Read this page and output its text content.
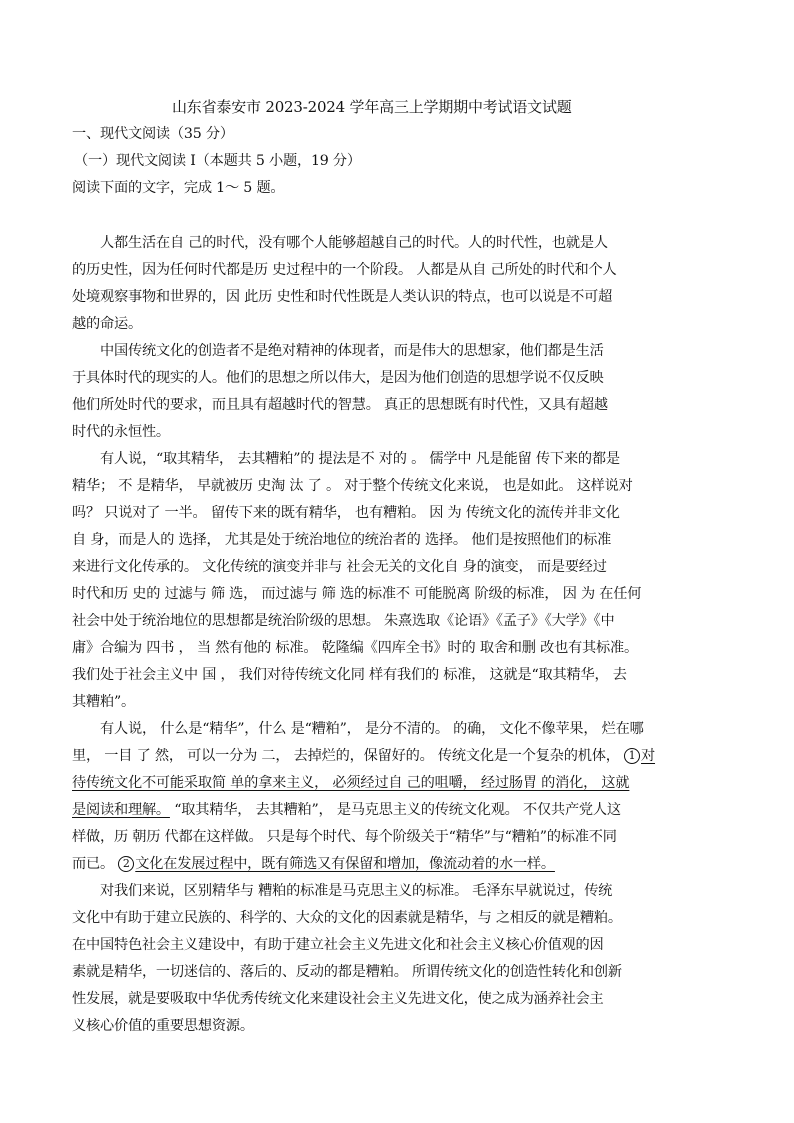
山东省泰安市 2023-2024 学年高三上学期期中考试语文试题
一、现代文阅读（35 分）
（一）现代文阅读 I（本题共 5 小题，19 分）
阅读下面的文字，完成 1～ 5 题。
人都生活在自 己的时代，没有哪个人能够超越自己的时代。人的时代性，也就是人
的历史性，因为任何时代都是历 史过程中的一个阶段。 人都是从自 己所处的时代和个人
处境观察事物和世界的，因 此历 史性和时代性既是人类认识的特点，也可以说是不可超
越的命运。
中国传统文化的创造者不是绝对精神的体现者，而是伟大的思想家，他们都是生活
于具体时代的现实的人。他们的思想之所以伟大，是因为他们创造的思想学说不仅反映
他们所处时代的要求，而且具有超越时代的智慧。 真正的思想既有时代性，又具有超越
时代的永恒性。
有人说，“取其精华， 去其糟粕”的 提法是不 对的 。 儒学中 凡是能留 传下来的都是
精华； 不 是精华， 早就被历 史淘 汰 了 。 对于整个传统文化来说， 也是如此。 这样说对
吗？ 只说对了 一半。 留传下来的既有精华， 也有糟粕。 因 为 传统文化的流传并非文化
自 身，而是人的 选择， 尤其是处于统治地位的统治者的 选择。 他们是按照他们的标准
来进行文化传承的。 文化传统的演变并非与 社会无关的文化自 身的演变， 而是要经过
时代和历 史的 过滤与 筛 选， 而过滤与 筛 选的标准不 可能脱离 阶级的标准， 因 为 在任何
社会中处于统治地位的思想都是统治阶级的思想。 朱熹选取《论语》《孟子》《大学》《中
庸》合编为 四书 ， 当 然有他的 标准。 乾隆编《四库全书》时的 取舍和删 改也有其标准。
我们处于社会主义中 国 ， 我们对待传统文化同 样有我们的 标准， 这就是“取其精华， 去
其糟粕”。
有人说， 什么是“精华”，什么 是“糟粕”， 是分不清的。 的确， 文化不像苹果， 烂在哪
里， 一目 了 然， 可以一分为 二， 去掉烂的，保留好的。 传统文化是一个复杂的机体， 1 对
待传统文化不可能采取简 单的拿来主义， 必须经过自 己的咀嚼， 经过肠胃 的消化， 这就
是阅读和理解。 “取其精华， 去其糟粕”， 是马克思主义的传统文化观。 不仅共产党人这
样做，历 朝历 代都在这样做。 只是每个时代、每个阶级关于“精华”与“糟粕”的标准不同
而已。 2 文化在发展过程中，既有筛选又有保留和增加，像流动着的水一样。
对我们来说，区别精华与 糟粕的标准是马克思主义的标准。 毛泽东早就说过，传统
文化中有助于建立民族的、科学的、大众的文化的因素就是精华，与 之相反的就是糟粕。
在中国特色社会主义建设中，有助于建立社会主义先进文化和社会主义核心价值观的因
素就是精华，一切迷信的、落后的、反动的都是糟粕。 所谓传统文化的创造性转化和创新
性发展，就是要吸取中华优秀传统文化来建设社会主义先进文化，使之成为涵养社会主
义核心价值的重要思想资源。
